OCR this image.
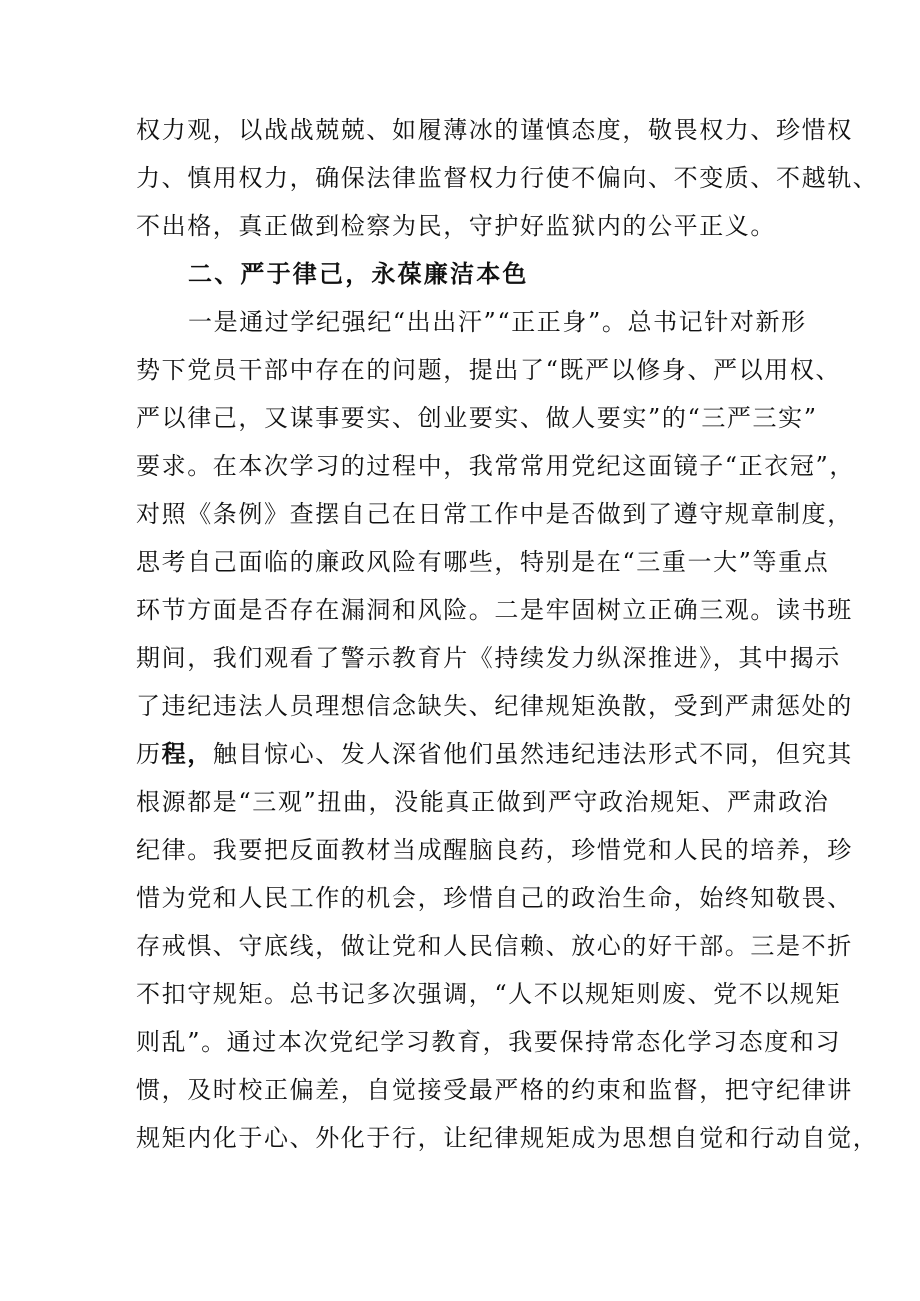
权力观，以战战兢兢、如履薄冰的谨慎态度，敬畏权力、珍惜权
力、慎用权力，确保法律监督权力行使不偏向、不变质、不越轨、
不出格，真正做到检察为民，守护好监狱内的公平正义。
二、严于律己，永葆廉洁本色
一是通过学纪强纪“出出汗”“正正身”。总书记针对新形
势下党员干部中存在的问题，提出了“既严以修身、严以用权、
严以律己，又谋事要实、创业要实、做人要实”的“三严三实”
要求。在本次学习的过程中，我常常用党纪这面镜子“正衣冠”，
对照《条例》查摆自己在日常工作中是否做到了遵守规章制度，
思考自己面临的廉政风险有哪些，特别是在“三重一大”等重点
环节方面是否存在漏洞和风险。二是牢固树立正确三观。读书班
期间，我们观看了警示教育片《持续发力纵深推进》，其中揭示
了违纪违法人员理想信念缺失、纪律规矩涣散，受到严肃惩处的
历程，触目惊心、发人深省他们虽然违纪违法形式不同，但究其
根源都是“三观”扭曲，没能真正做到严守政治规矩、严肃政治
纪律。我要把反面教材当成醒脑良药，珍惜党和人民的培养，珍
惜为党和人民工作的机会，珍惜自己的政治生命，始终知敬畏、
存戒惧、守底线，做让党和人民信赖、放心的好干部。三是不折
不扣守规矩。总书记多次强调，“人不以规矩则废、党不以规矩
则乱”。通过本次党纪学习教育，我要保持常态化学习态度和习
惯，及时校正偏差，自觉接受最严格的约束和监督，把守纪律讲
规矩内化于心、外化于行，让纪律规矩成为思想自觉和行动自觉，
